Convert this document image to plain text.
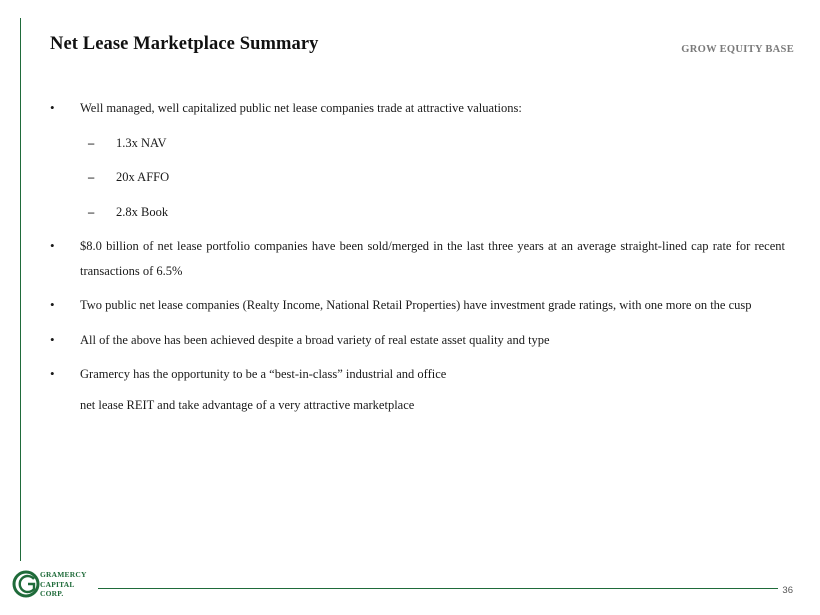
Net Lease Marketplace Summary	GROW EQUITY BASE
• Well managed, well capitalized public net lease companies trade at attractive valuations:
– 1.3x NAV
– 20x AFFO
– 2.8x Book
• $8.0 billion of net lease portfolio companies have been sold/merged in the last three years at an average straight-lined cap rate for recent transactions of 6.5%
• Two public net lease companies (Realty Income, National Retail Properties) have investment grade ratings, with one more on the cusp
• All of the above has been achieved despite a broad variety of real estate asset quality and type
• Gramercy has the opportunity to be a “best-in-class” industrial and office
net lease REIT and take advantage of a very attractive marketplace
GRAMERCY
CAPITAL
CORP.	36
